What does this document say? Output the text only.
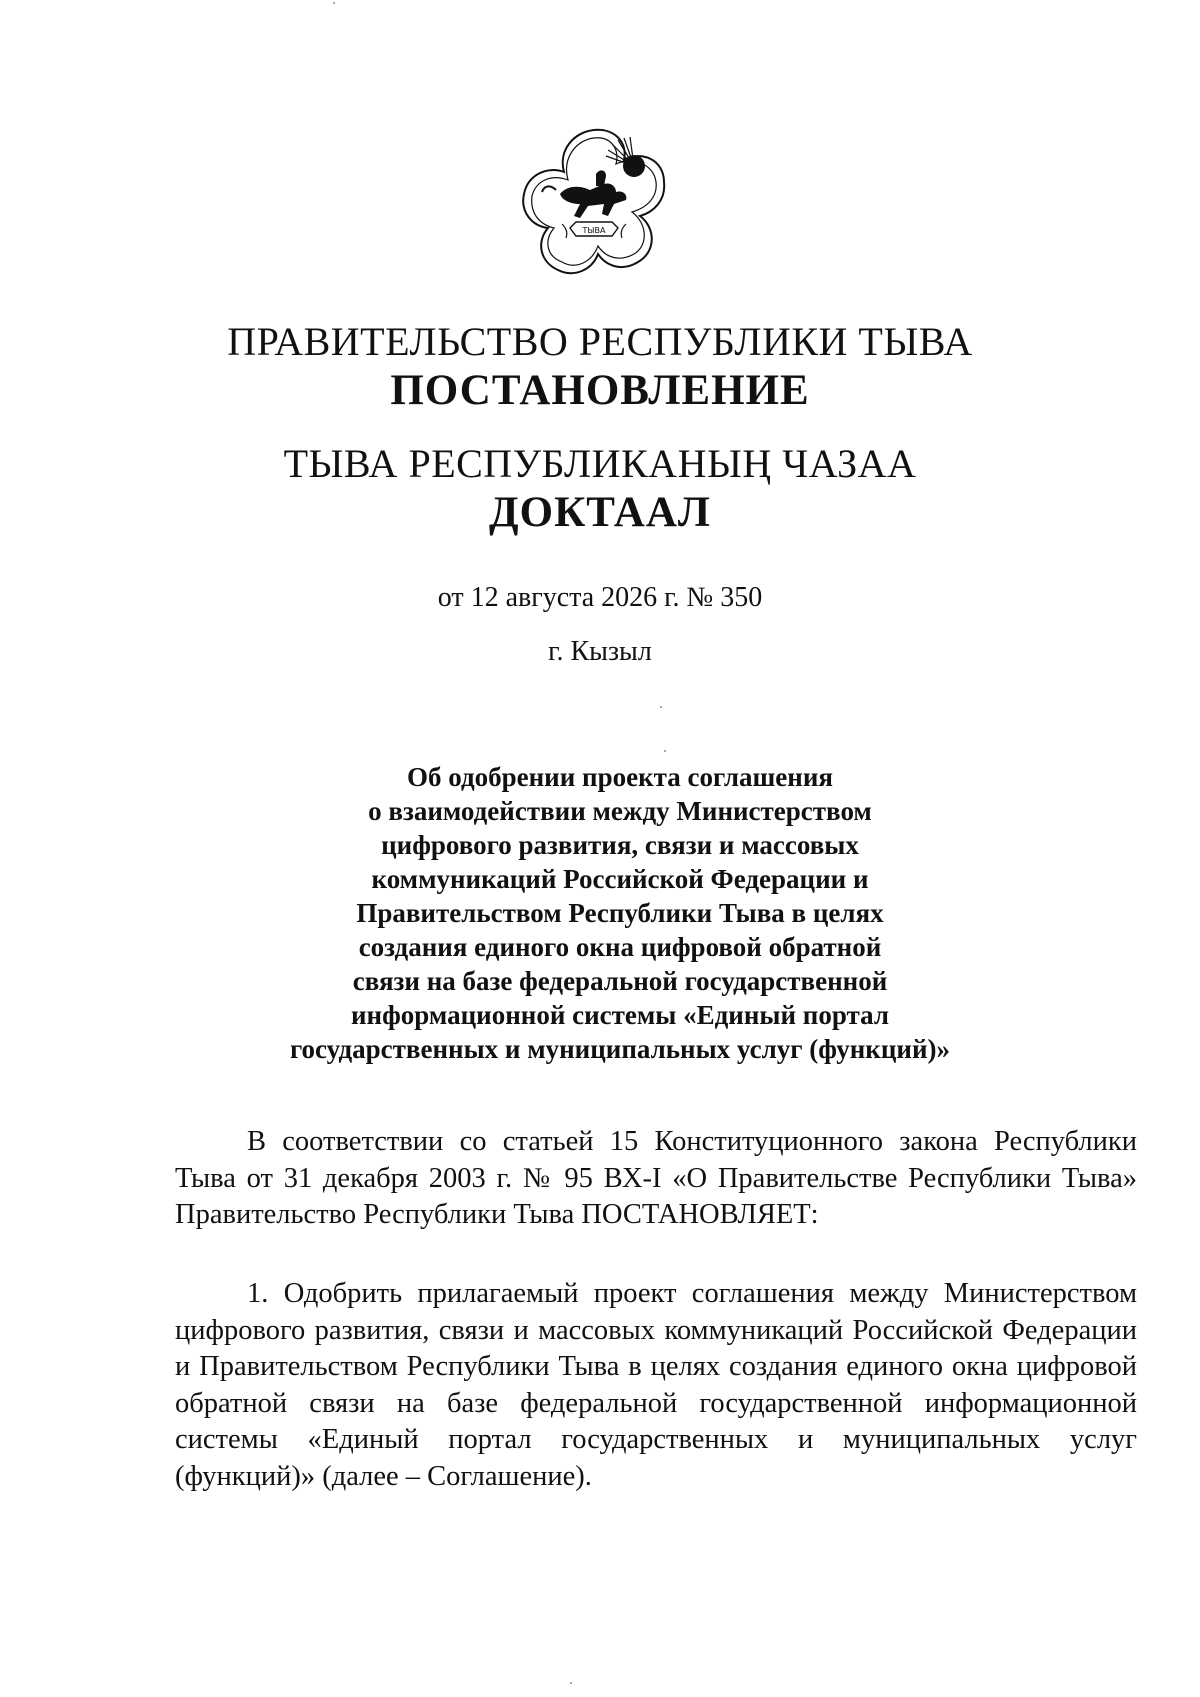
ТЫВА
ПРАВИТЕЛЬСТВО РЕСПУБЛИКИ ТЫВА
ПОСТАНОВЛЕНИЕ
ТЫВА РЕСПУБЛИКАНЫҢ ЧАЗАА
ДОКТААЛ
от 12 августа 2026 г. № 350
г. Кызыл
Об одобрении проекта соглашения
о взаимодействии между Министерством
цифрового развития, связи и массовых
коммуникаций Российской Федерации и
Правительством Республики Тыва в целях
создания единого окна цифровой обратной
связи на базе федеральной государственной
информационной системы «Единый портал
государственных и муниципальных услуг (функций)»

В соответствии со статьей 15 Конституционного закона Республики Тыва от 31 декабря 2003 г. № 95 ВХ-I «О Правительстве Республики Тыва» Правительство Республики Тыва ПОСТАНОВЛЯЕТ:

1. Одобрить прилагаемый проект соглашения между Министерством цифрового развития, связи и массовых коммуникаций Российской Федерации и Правительством Республики Тыва в целях создания единого окна цифровой обратной связи на базе федеральной государственной информационной системы «Единый портал государственных и муниципальных услуг (функций)» (далее – Соглашение).
